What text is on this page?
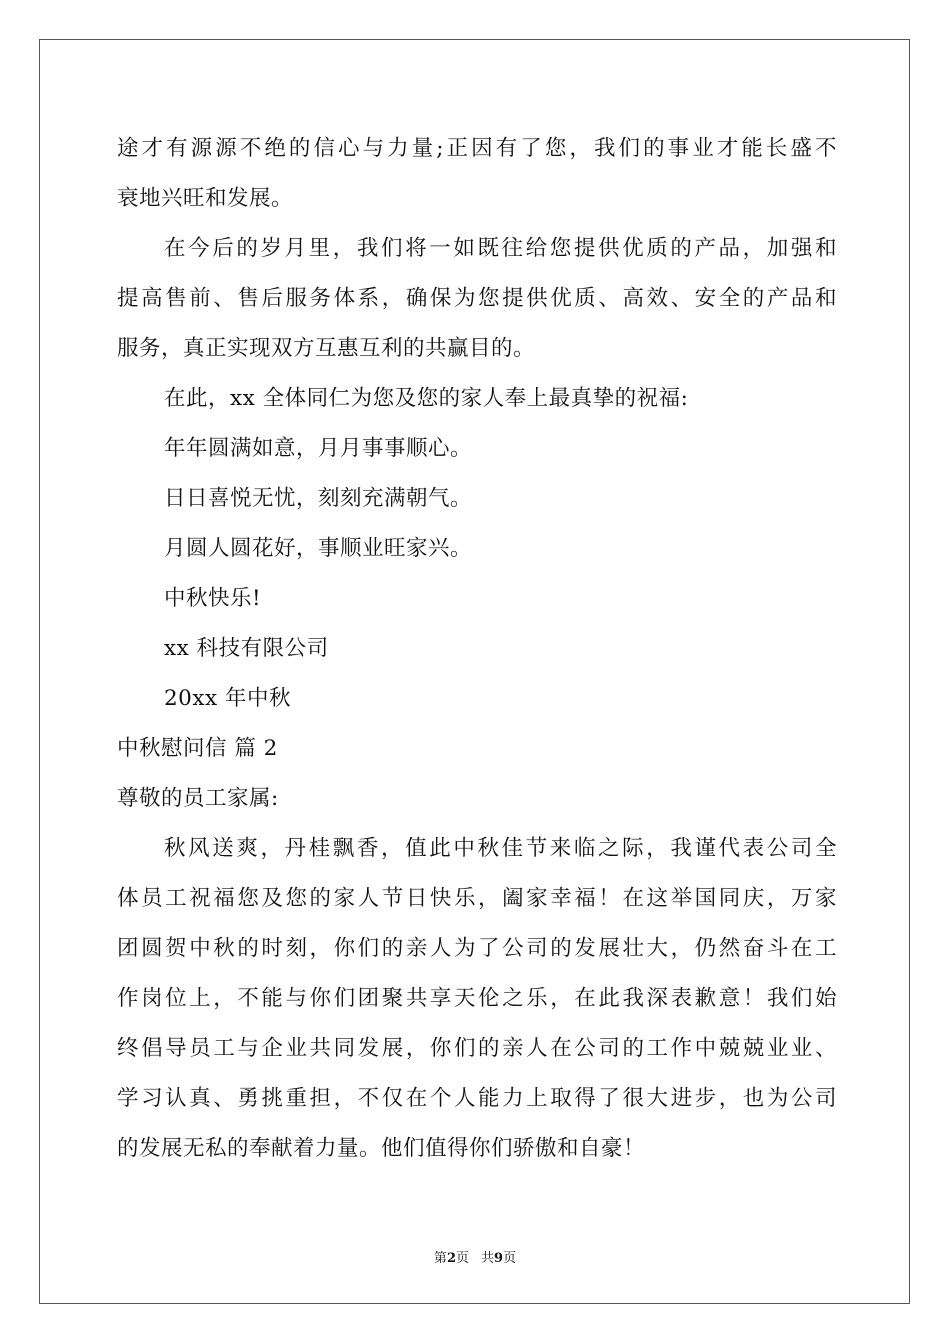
途才有源源不绝的信心与力量;正因有了您，我们的事业才能长盛不
衰地兴旺和发展。
在今后的岁月里，我们将一如既往给您提供优质的产品，加强和
提高售前、售后服务体系，确保为您提供优质、高效、安全的产品和
服务，真正实现双方互惠互利的共赢目的。
在此，xx 全体同仁为您及您的家人奉上最真挚的祝福:
年年圆满如意，月月事事顺心。
日日喜悦无忧，刻刻充满朝气。
月圆人圆花好，事顺业旺家兴。
中秋快乐!
xx 科技有限公司
20xx 年中秋
中秋慰问信 篇 2
尊敬的员工家属:
秋风送爽，丹桂飘香，值此中秋佳节来临之际，我谨代表公司全
体员工祝福您及您的家人节日快乐，阖家幸福！在这举国同庆，万家
团圆贺中秋的时刻，你们的亲人为了公司的发展壮大，仍然奋斗在工
作岗位上，不能与你们团聚共享天伦之乐，在此我深表歉意！我们始
终倡导员工与企业共同发展，你们的亲人在公司的工作中兢兢业业、
学习认真、勇挑重担，不仅在个人能力上取得了很大进步，也为公司
的发展无私的奉献着力量。他们值得你们骄傲和自豪！
第2页 共9页
